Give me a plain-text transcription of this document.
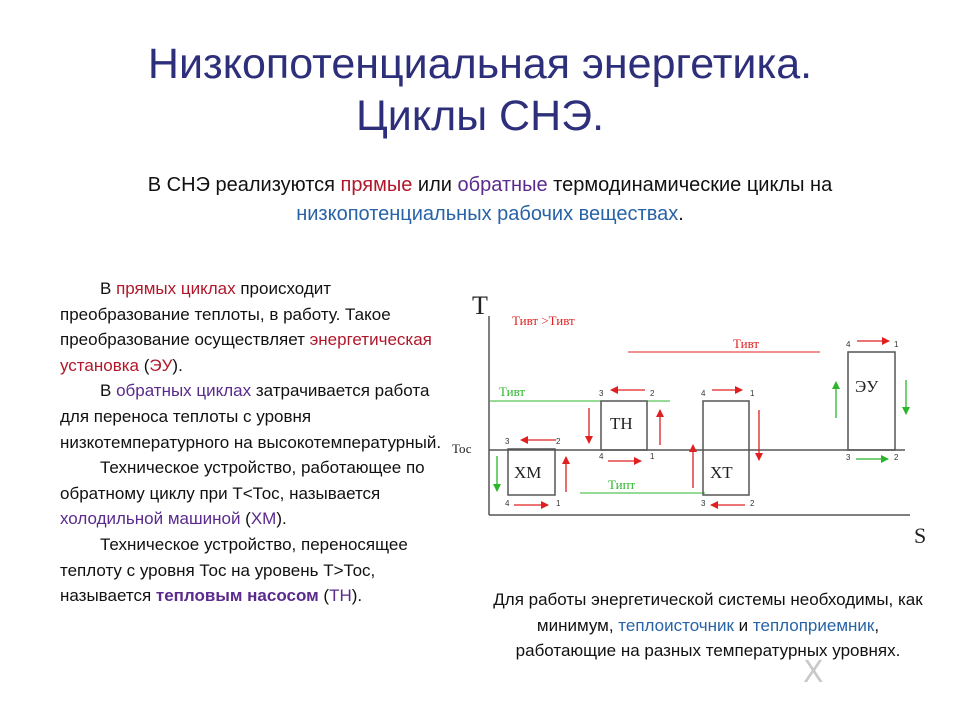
Низкопотенциальная энергетика.
Циклы СНЭ.
В СНЭ реализуются прямые или обратные термодинамические циклы на низкопотенциальных рабочих веществах.

В прямых циклах происходит преобразование теплоты, в работу. Такое преобразование осуществляет энергетическая установка (ЭУ).

В обратных циклах затрачивается работа для переноса теплоты с уровня низкотемпературного на высокотемпературный.

Техническое устройство, работающее по обратному циклу при Т<Тос, называется холодильной машиной (ХМ).

Техническое устройство, переносящее теплоту с уровня Тос на уровень Т>Тос, называется тепловым насосом (ТН).	Для работы энергетической системы необходимы, как минимум, теплоисточник и теплоприемник, работающие на разных температурных уровнях.
X
T
S
Тос
Тивт
Типт
Тивт
Тивт >Тивт
ХМ
3	2
4	1
ТН
3	2
4	1
ХТ
4	1
3	2
ЭУ
4	1
3	2
